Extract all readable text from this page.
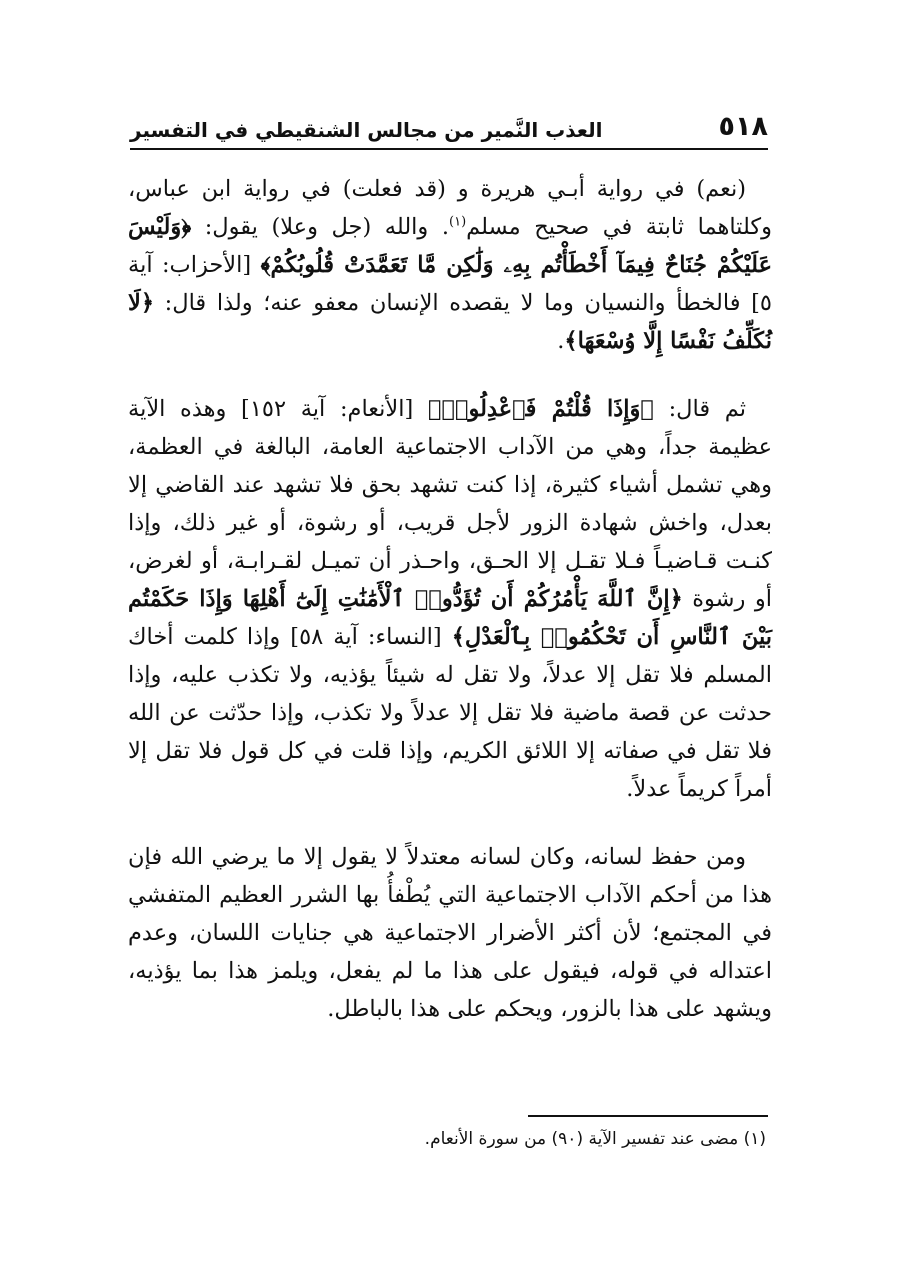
٥١٨
العذب النَّمير من مجالس الشنقيطي في التفسير

(نعم) في رواية أبـي هريرة و (قد فعلت) في رواية ابن عباس، وكلتاهما ثابتة في صحيح مسلم$^{(١)}$. والله (جل وعلا) يقول: ﴿وَلَيْسَ عَلَيْكُمْ جُنَاحٌ فِيمَآ أَخْطَأْتُم بِهِۦ وَلَٰكِن مَّا تَعَمَّدَتْ قُلُوبُكُمْ﴾ [الأحزاب: آية ٥] فالخطأ والنسيان وما لا يقصده الإنسان معفو عنه؛ ولذا قال: ﴿لَا نُكَلِّفُ نَفْسًا إِلَّا وُسْعَهَا﴾.

ثم قال: ﴿وَإِذَا قُلْتُمْ فَٱعْدِلُوا۟﴾ [الأنعام: آية ١٥٢] وهذه الآية عظيمة جداً، وهي من الآداب الاجتماعية العامة، البالغة في العظمة، وهي تشمل أشياء كثيرة، إذا كنت تشهد بحق فلا تشهد عند القاضي إلا بعدل، واخش شهادة الزور لأجل قريب، أو رشوة، أو غير ذلك، وإذا كنـت قـاضيـاً فـلا تقـل إلا الحـق، واحـذر أن تميـل لقـرابـة، أو لغرض، أو رشوة ﴿إِنَّ ٱللَّهَ يَأْمُرُكُمْ أَن تُؤَدُّوا۟ ٱلْأَمَٰنَٰتِ إِلَىٰٓ أَهْلِهَا وَإِذَا حَكَمْتُم بَيْنَ ٱلنَّاسِ أَن تَحْكُمُوا۟ بِٱلْعَدْلِ﴾ [النساء: آية ٥٨] وإذا كلمت أخاك المسلم فلا تقل إلا عدلاً، ولا تقل له شيئاً يؤذيه، ولا تكذب عليه، وإذا حدثت عن قصة ماضية فلا تقل إلا عدلاً ولا تكذب، وإذا حدّثت عن الله فلا تقل في صفاته إلا اللائق الكريم، وإذا قلت في كل قول فلا تقل إلا أمراً كريماً عدلاً.

ومن حفظ لسانه، وكان لسانه معتدلاً لا يقول إلا ما يرضي الله فإن هذا من أحكم الآداب الاجتماعية التي يُطْفأُ بها الشرر العظيم المتفشي في المجتمع؛ لأن أكثر الأضرار الاجتماعية هي جنايات اللسان، وعدم اعتداله في قوله، فيقول على هذا ما لم يفعل، ويلمز هذا بما يؤذيه، ويشهد على هذا بالزور، ويحكم على هذا بالباطل.

(١) مضى عند تفسير الآية (٩٠) من سورة الأنعام.
